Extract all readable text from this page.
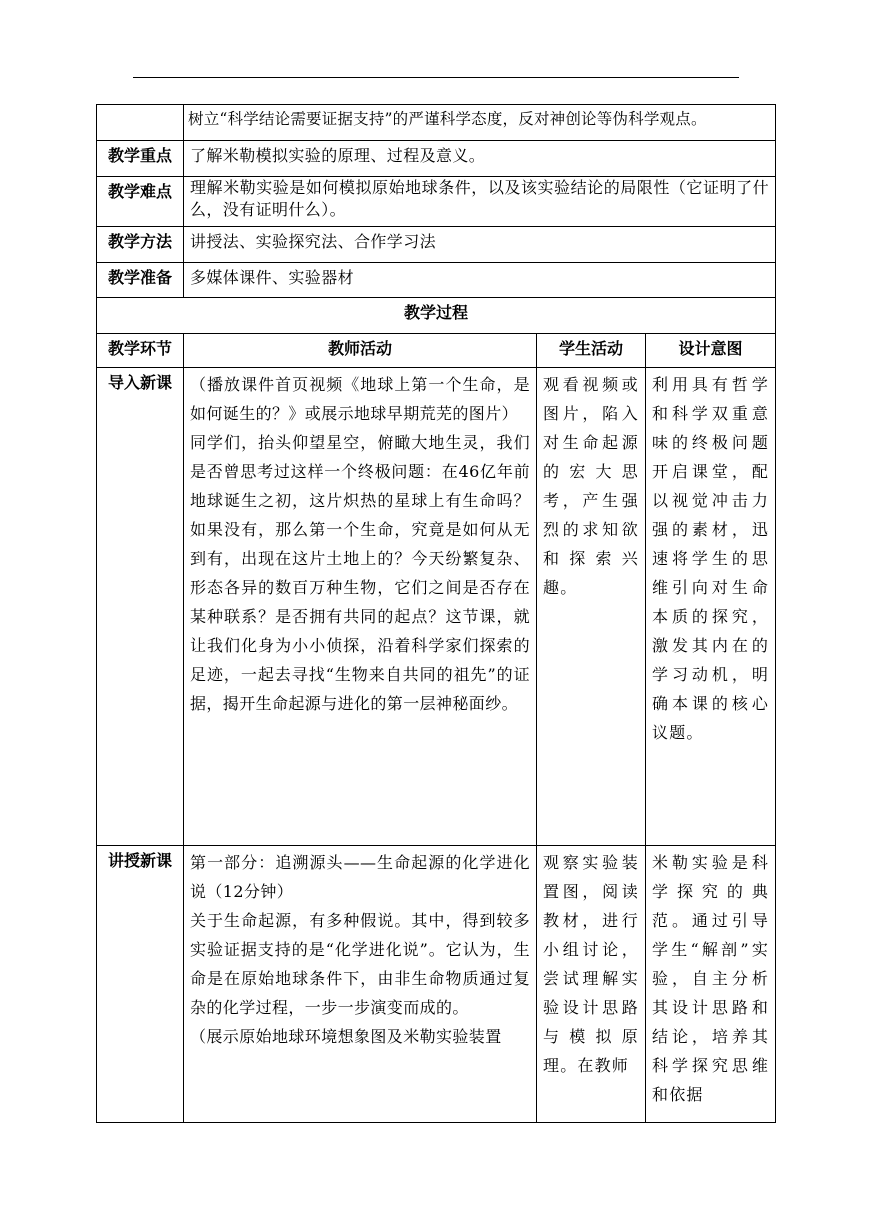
	树立“科学结论需要证据支持”的严谨科学态度，反对神创论等伪科学观点。		
教学重点	了解米勒模拟实验的原理、过程及意义。		
教学难点	理解米勒实验是如何模拟原始地球条件，以及该实验结论的局限性（它证明了什么，没有证明什么）。		
教学方法	讲授法、实验探究法、合作学习法		
教学准备	多媒体课件、实验器材		
教学过程			
教学环节	教师活动	学生活动	设计意图
导入新课	（播放课件首页视频《地球上第一个生命，是如何诞生的？》或展示地球早期荒芜的图片）

同学们，抬头仰望星空，俯瞰大地生灵，我们是否曾思考过这样一个终极问题：在46亿年前地球诞生之初，这片炽热的星球上有生命吗？如果没有，那么第一个生命，究竟是如何从无到有，出现在这片土地上的？今天纷繁复杂、形态各异的数百万种生物，它们之间是否存在某种联系？是否拥有共同的起点？这节课，就让我们化身为小小侦探，沿着科学家们探索的足迹，一起去寻找“生物来自共同的祖先”的证据，揭开生命起源与进化的第一层神秘面纱。	观看视频或图片，陷入对生命起源的宏大思考，产生强烈的求知欲和探索兴趣。	利用具有哲学和科学双重意味的终极问题开启课堂，配以视觉冲击力强的素材，迅速将学生的思维引向对生命本质的探究，激发其内在的学习动机，明确本课的核心议题。
讲授新课	第一部分：追溯源头——生命起源的化学进化说（12分钟）

关于生命起源，有多种假说。其中，得到较多实验证据支持的是“化学进化说”。它认为，生命是在原始地球条件下，由非生命物质通过复杂的化学过程，一步一步演变而成的。

（展示原始地球环境想象图及米勒实验装置	观察实验装置图，阅读教材，进行小组讨论，尝试理解实验设计思路与模拟原理。在教师	米勒实验是科学探究的典范。通过引导学生“解剖”实验，自主分析其设计思路和结论，培养其科学探究思维和依据
